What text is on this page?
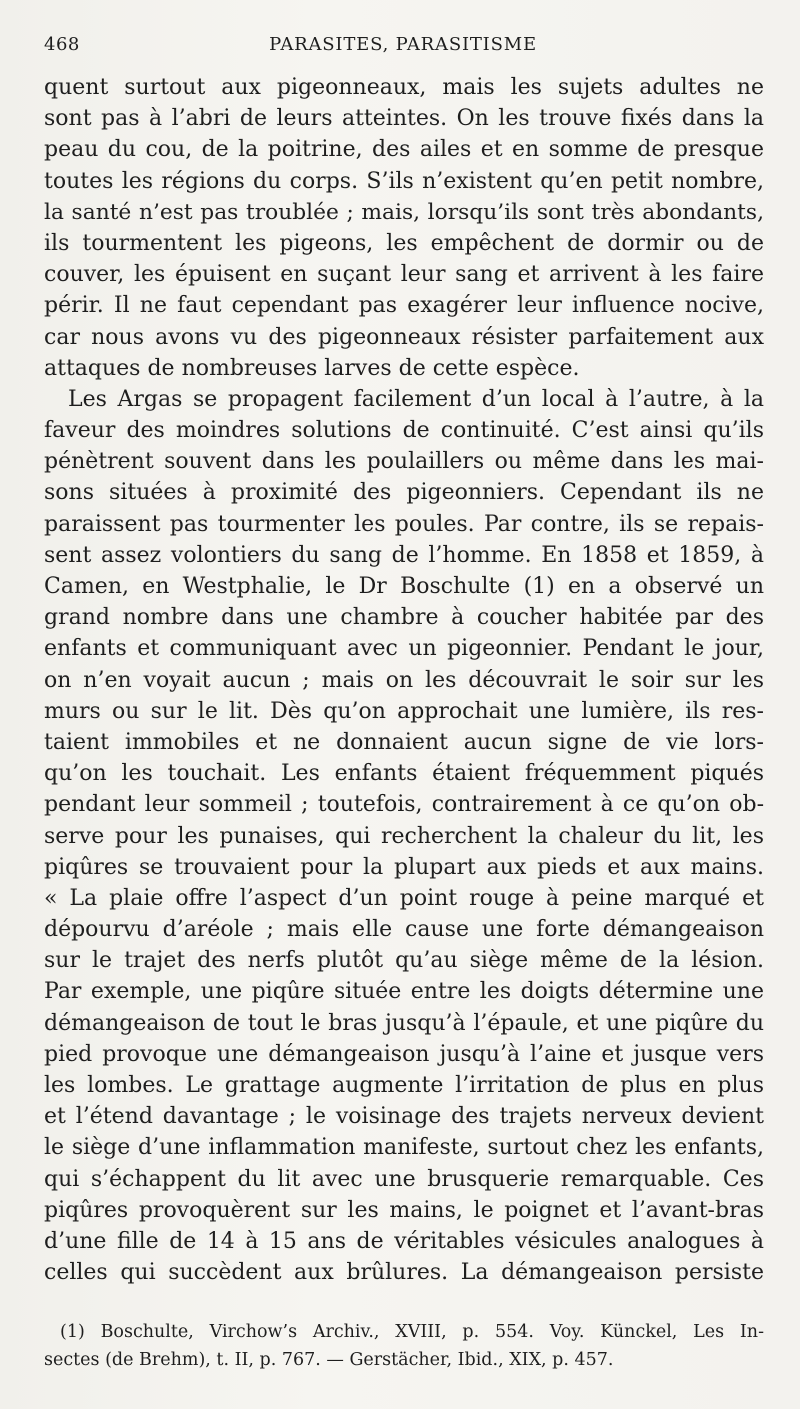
468	PARASITES, PARASITISME
quent surtout aux pigeonneaux, mais les sujets adultes ne
sont pas à l’abri de leurs atteintes. On les trouve fixés dans la
peau du cou, de la poitrine, des ailes et en somme de presque
toutes les régions du corps. S’ils n’existent qu’en petit nombre,
la santé n’est pas troublée ; mais, lorsqu’ils sont très abondants,
ils tourmentent les pigeons, les empêchent de dormir ou de
couver, les épuisent en suçant leur sang et arrivent à les faire
périr. Il ne faut cependant pas exagérer leur influence nocive,
car nous avons vu des pigeonneaux résister parfaitement aux
attaques de nombreuses larves de cette espèce.
Les Argas se propagent facilement d’un local à l’autre, à la
faveur des moindres solutions de continuité. C’est ainsi qu’ils
pénètrent souvent dans les poulaillers ou même dans les mai-
sons situées à proximité des pigeonniers. Cependant ils ne
paraissent pas tourmenter les poules. Par contre, ils se repais-
sent assez volontiers du sang de l’homme. En 1858 et 1859, à
Camen, en Westphalie, le Dr Boschulte (1) en a observé un
grand nombre dans une chambre à coucher habitée par des
enfants et communiquant avec un pigeonnier. Pendant le jour,
on n’en voyait aucun ; mais on les découvrait le soir sur les
murs ou sur le lit. Dès qu’on approchait une lumière, ils res-
taient immobiles et ne donnaient aucun signe de vie lors-
qu’on les touchait. Les enfants étaient fréquemment piqués
pendant leur sommeil ; toutefois, contrairement à ce qu’on ob-
serve pour les punaises, qui recherchent la chaleur du lit, les
piqûres se trouvaient pour la plupart aux pieds et aux mains.
« La plaie offre l’aspect d’un point rouge à peine marqué et
dépourvu d’aréole ; mais elle cause une forte démangeaison
sur le trajet des nerfs plutôt qu’au siège même de la lésion.
Par exemple, une piqûre située entre les doigts détermine une
démangeaison de tout le bras jusqu’à l’épaule, et une piqûre du
pied provoque une démangeaison jusqu’à l’aine et jusque vers
les lombes. Le grattage augmente l’irritation de plus en plus
et l’étend davantage ; le voisinage des trajets nerveux devient
le siège d’une inflammation manifeste, surtout chez les enfants,
qui s’échappent du lit avec une brusquerie remarquable. Ces
piqûres provoquèrent sur les mains, le poignet et l’avant-bras
d’une fille de 14 à 15 ans de véritables vésicules analogues à
celles qui succèdent aux brûlures. La démangeaison persiste
(1) Boschulte, Virchow’s Archiv., XVIII, p. 554. Voy. Künckel, Les In-
sectes (de Brehm), t. II, p. 767. — Gerstächer, Ibid., XIX, p. 457.
